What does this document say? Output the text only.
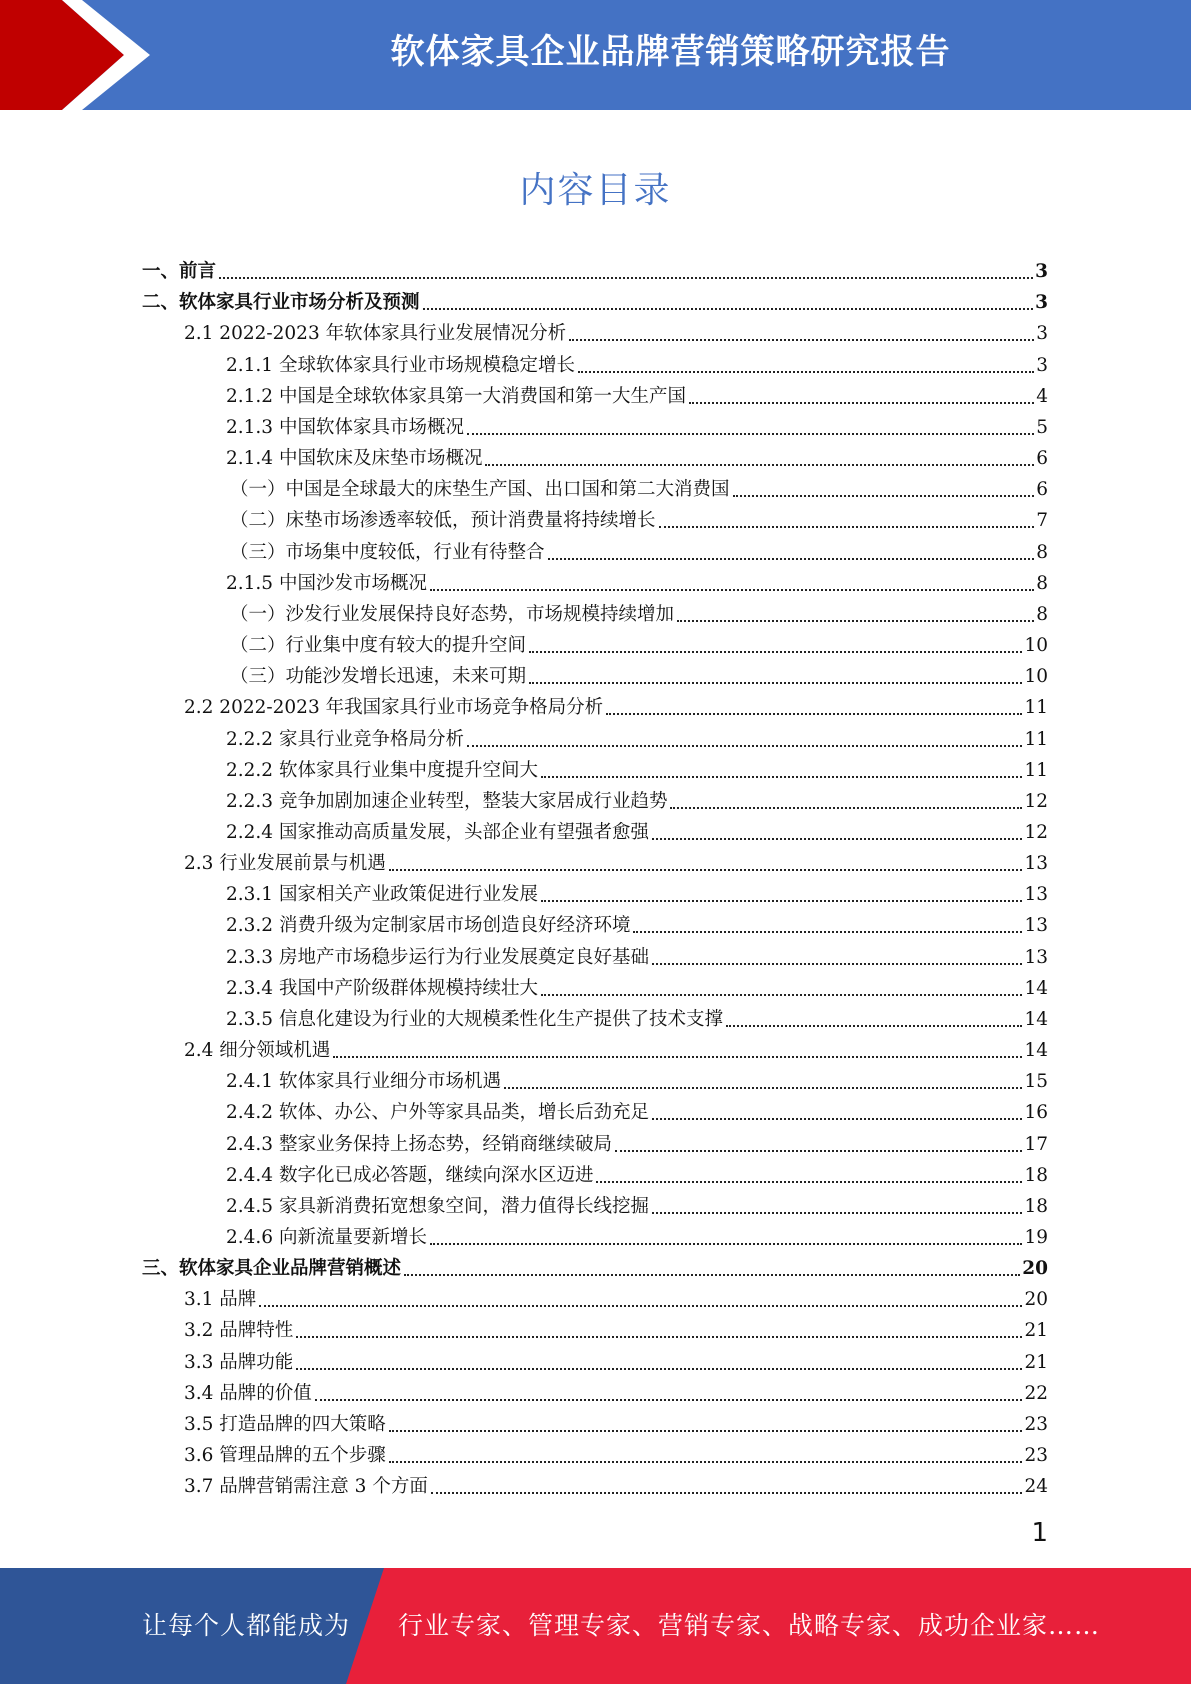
软体家具企业品牌营销策略研究报告
内容目录
一、前言	3
二、软体家具行业市场分析及预测	3
2.1 2022-2023 年软体家具行业发展情况分析	3
2.1.1 全球软体家具行业市场规模稳定增长	3
2.1.2 中国是全球软体家具第一大消费国和第一大生产国	4
2.1.3 中国软体家具市场概况	5
2.1.4 中国软床及床垫市场概况	6
（一）中国是全球最大的床垫生产国、出口国和第二大消费国	6
（二）床垫市场渗透率较低，预计消费量将持续增长	7
（三）市场集中度较低，行业有待整合	8
2.1.5 中国沙发市场概况	8
（一）沙发行业发展保持良好态势，市场规模持续增加	8
（二）行业集中度有较大的提升空间	10
（三）功能沙发增长迅速，未来可期	10
2.2 2022-2023 年我国家具行业市场竞争格局分析	11
2.2.2 家具行业竞争格局分析	11
2.2.2 软体家具行业集中度提升空间大	11
2.2.3 竞争加剧加速企业转型，整装大家居成行业趋势	12
2.2.4 国家推动高质量发展，头部企业有望强者愈强	12
2.3 行业发展前景与机遇	13
2.3.1 国家相关产业政策促进行业发展	13
2.3.2 消费升级为定制家居市场创造良好经济环境	13
2.3.3 房地产市场稳步运行为行业发展奠定良好基础	13
2.3.4 我国中产阶级群体规模持续壮大	14
2.3.5 信息化建设为行业的大规模柔性化生产提供了技术支撑	14
2.4 细分领域机遇	14
2.4.1 软体家具行业细分市场机遇	15
2.4.2 软体、办公、户外等家具品类，增长后劲充足	16
2.4.3 整家业务保持上扬态势，经销商继续破局	17
2.4.4 数字化已成必答题，继续向深水区迈进	18
2.4.5 家具新消费拓宽想象空间，潜力值得长线挖掘	18
2.4.6 向新流量要新增长	19
三、软体家具企业品牌营销概述	20
3.1 品牌	20
3.2 品牌特性	21
3.3 品牌功能	21
3.4 品牌的价值	22
3.5 打造品牌的四大策略	23
3.6 管理品牌的五个步骤	23
3.7 品牌营销需注意 3 个方面	24
1
让每个人都能成为 行业专家、管理专家、营销专家、战略专家、成功企业家……
